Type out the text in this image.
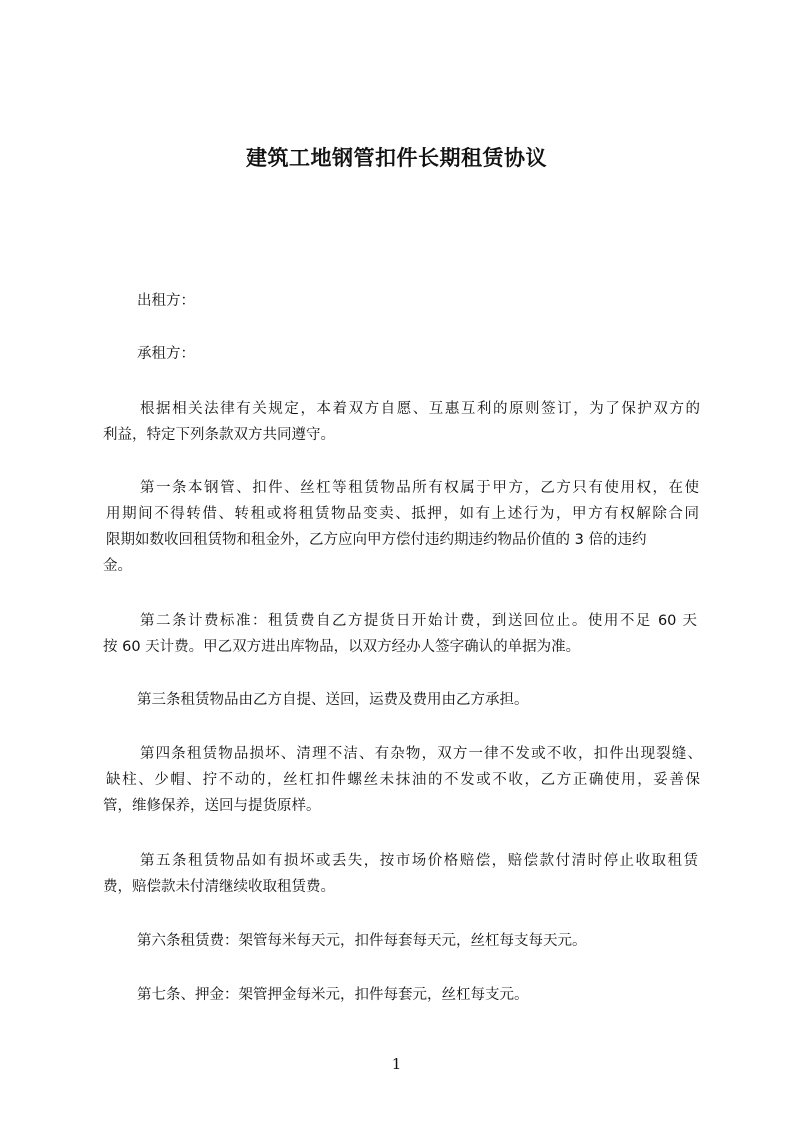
建筑工地钢管扣件长期租赁协议
出租方：
承租方：
根据相关法律有关规定，本着双方自愿、互惠互利的原则签订，为了保护双方的
利益，特定下列条款双方共同遵守。
第一条本钢管、扣件、丝杠等租赁物品所有权属于甲方，乙方只有使用权，在使
用期间不得转借、转租或将租赁物品变卖、抵押，如有上述行为，甲方有权解除合同
限期如数收回租赁物和租金外，乙方应向甲方偿付违约期违约物品价值的 3 倍的违约
金。
第二条计费标准：租赁费自乙方提货日开始计费，到送回位止。使用不足 60 天
按 60 天计费。甲乙双方进出库物品，以双方经办人签字确认的单据为准。
第三条租赁物品由乙方自提、送回，运费及费用由乙方承担。
第四条租赁物品损坏、清理不洁、有杂物，双方一律不发或不收，扣件出现裂缝、
缺柱、少帽、拧不动的，丝杠扣件螺丝未抹油的不发或不收，乙方正确使用，妥善保
管，维修保养，送回与提货原样。
第五条租赁物品如有损坏或丢失，按市场价格赔偿，赔偿款付清时停止收取租赁
费，赔偿款未付清继续收取租赁费。
第六条租赁费：架管每米每天元，扣件每套每天元，丝杠每支每天元。
第七条、押金：架管押金每米元，扣件每套元，丝杠每支元。
1
